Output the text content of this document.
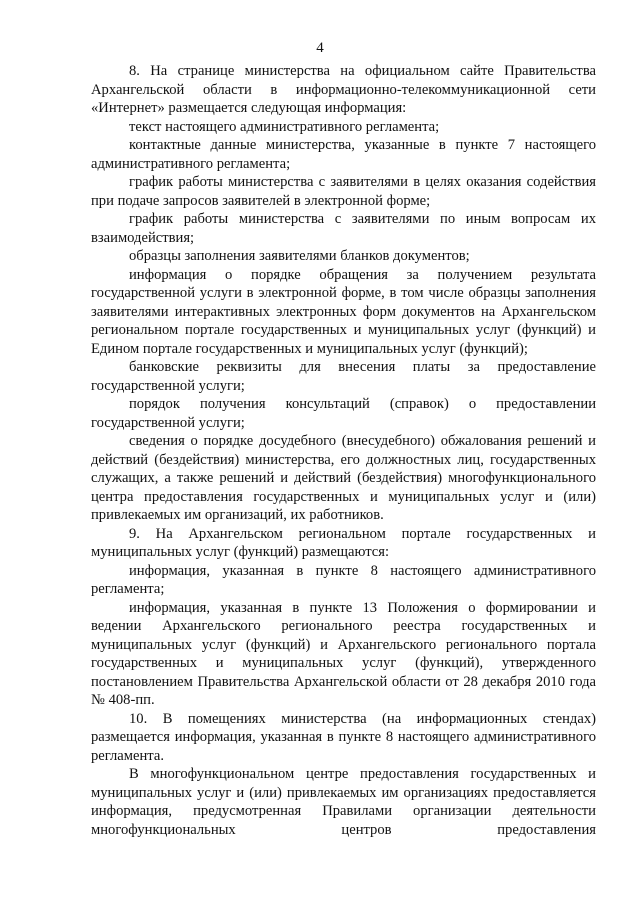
4

8. На странице министерства на официальном сайте Правительства Архангельской области в информационно-телекоммуникационной сети «Интернет» размещается следующая информация:

текст настоящего административного регламента;

контактные данные министерства, указанные в пункте 7 настоящего административного регламента;

график работы министерства с заявителями в целях оказания содействия при подаче запросов заявителей в электронной форме;

график работы министерства с заявителями по иным вопросам их взаимодействия;

образцы заполнения заявителями бланков документов;

информация о порядке обращения за получением результата государственной услуги в электронной форме, в том числе образцы заполнения заявителями интерактивных электронных форм документов на Архангельском региональном портале государственных и муниципальных услуг (функций) и Едином портале государственных и муниципальных услуг (функций);

банковские реквизиты для внесения платы за предоставление государственной услуги;

порядок получения консультаций (справок) о предоставлении государственной услуги;

сведения о порядке досудебного (внесудебного) обжалования решений и действий (бездействия) министерства, его должностных лиц, государственных служащих, а также решений и действий (бездействия) многофункционального центра предоставления государственных и муниципальных услуг и (или) привлекаемых им организаций, их работников.

9. На Архангельском региональном портале государственных и муниципальных услуг (функций) размещаются:

информация, указанная в пункте 8 настоящего административного регламента;

информация, указанная в пункте 13 Положения о формировании и ведении Архангельского регионального реестра государственных и муниципальных услуг (функций) и Архангельского регионального портала государственных и муниципальных услуг (функций), утвержденного постановлением Правительства Архангельской области от 28 декабря 2010 года № 408-пп.

10. В помещениях министерства (на информационных стендах) размещается информация, указанная в пункте 8 настоящего административного регламента.

В многофункциональном центре предоставления государственных и муниципальных услуг и (или) привлекаемых им организациях предоставляется информация, предусмотренная Правилами организации деятельности многофункциональных центров предоставления
